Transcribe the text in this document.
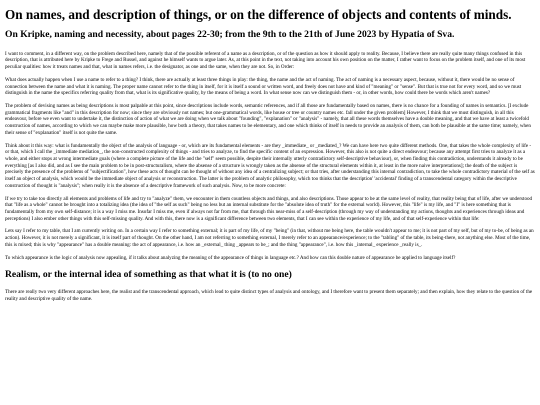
On names, and description of things, or on the difference of objects and contents of minds.
On Kripke, naming and necessity, about pages 22-30; from the 9th to the 21th of June 2023 by Hypatia of Sva.

I want to comment, in a different way, on the problem described here, namely that of the possible referent of a name as a description, or of the question as how it should apply to reality. Because, I believe there are really quite many things confused in this description, that is attributed here by Kripke to Frege and Russel, and against he himself wants to argue later. As, at this point in the text, not taking into account his own position on the matter, I rather want to focus on the problem itself, and one of its most peculiar qualities: how it treats names and that, what in names refers, i.e. the designator, as one and the same, when they are not. So, in Order:

What does actually happen when I use a name to refer to a thing? I think, there are actually at least three things in play: the thing, the name and the act of naming. The act of naming is a necessary aspect, because, without it, there would be no sense of connection between the name and what it is naming. The proper name cannot refer to the thing in itself, for it is itself a sound or written word, and freely does not have and kind of "meaning" or "sense". But that is true not for every word, and so we must distinguish in the name the specifics referring quality from that, what is its significative quality, by the means of being a word. In what sense now can we distinguish them - or, in other words, how could there be words which aren't names?

The problem of devising names as being descriptions is most palpable at this point, since descriptions include words, semantic references, and if all those are fundamentally based on names, there is no chance for a founding of names in semantics. [I exclude grammatical fragments like "and" in this description for now; since they are obviously not names; but one-grammatical words, like house or tree or country names etc. fall under the given problem] However, I think that we must distinguish, in all this endeavour, before we even want to undertake it, the distinction of action of what we are doing when we talk about "founding", "explanation" or "analysis" - namely, that all these words themselves have a double meaning, and that we have at least a twicefold construction of names, according to which we can maybe make more plausible, how both a theory, that takes names to be elementary, and one which thinks of itself in needs to provide an analysis of them, can both be plausible at the same time; namely, when their sense of "explanation" itself is not quite the same.

Think about it this way: what is fundamentally the object of the analysis of language - or, which are its fundamental elements - are they _immediate_ or _mediated_? We can have here two quite different methods. One, that takes the whole complexity of life - or that, which I call the _immediate mediation_, the non-constructed complexity of things - and tries to analyze, to find the specific content of an expression. However, this also is not quite a direct endeavour; because any attempt first tries to analyze it as a whole, and either stops at wrong intermediate goals (where a complete picture of the life and the "self" seem possible, despite their internally utterly contradictory self-descriptive behaviour), or, when finding this contradiction, understands it already to be everything [as I also did, and as I see the main problem to be in post-structuralism, where the absense of a structure is wrongly taken as the absense of the structural elements within it, at least in the more naive interpretations]; the death of the subject is precisely the presence of the problems of "subjectification", how these acts of thought can be thought of without any idea of a centralizing subject; or that tries, after understanding this internal contradiction, to take the whole contradictory material of the self as itself an object of analysis, which would be the immediate object of analysis or reconstruction. The latter is the problem of analytic philosophy, which too thinks that the description' 'accidental' finding of a transcendental category within the descriptive construction of thought is "analysis"; when really it is the absence of a descriptive framework of such analysis. Now, to be more concrete:

If we try to take too directly all elements and problems of life and try to "analyze" them, we encounter in them countless objects and things, and also descriptions. Those appear to be at the same level of reality, that reality being that of life, after we understood that "life as a whole" cannot be brought into a totalizing idea (the idea of "the self as such" being no less but an internal substitute for the "absolute idea of truth" for the external world). However, this "life" is my life, and "I" is here something that is fundamentally from my own self-distance; it is a way I miss me. Insofar I miss me, even if always not far from me, that through this near-miss of a self-description (through my way of understanding my actions, thoughts and experiences through ideas and perceptions) I also ember other things with this self-missing quality. And with this, there now is a significant difference between two elements, that I can see within the experience of my life, and of that self-experience within that life:

Lets say I refer to my table, that I am currently writing on. In a certain way I refer to something external; it is part of my life, of my "being" (in that, without me being here, the table wouldn't appear to me; it is not part of my self, but of my to-be, of being as an action). However, it is not merely a significant, it is itself part of thought. On the other hand, I am not referring to something external, I merely refer to an appearance/experience; to the "tabling" of the table, its being-there, not anything else. Most of the time, this is mixed; this is why "appearance" has a double meaning: the act of appearance, i.e. how an _external_ thing _appears to be_; and the thing "appearance", i.e. how this _internal_ experience _really is_.

To which appearance is the logic of analysis now appealing, if it talks about analyzing the meaning of the appearance of things in language etc.? And how can this double nature of appearance be applied to language itself?

Realism, or the internal idea of something as that what it is (to no one)

There are really two very different approaches here, the realist and the transcendental approach, which lead to quite distinct types of analysis and ontology, and I therefore want to present them separately; and then explain, how they relate to the question of the reality and descriptive quality of the name.
